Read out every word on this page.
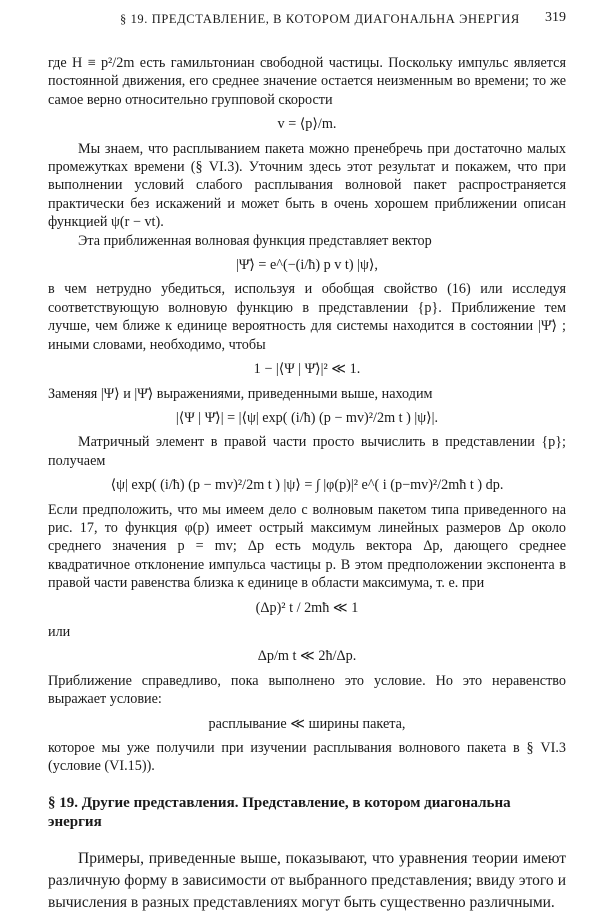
§ 19. ПРЕДСТАВЛЕНИЕ, В КОТОРОМ ДИАГОНАЛЬНА ЭНЕРГИЯ 319

где H ≡ p²/2m есть гамильтониан свободной частицы. Поскольку импульс является постоянной движения, его среднее значение остается неизменным во времени; то же самое верно относительно групповой скорости

v = ⟨p⟩/m.

Мы знаем, что расплыванием пакета можно пренебречь при достаточно малых промежутках времени (§ VI.3). Уточним здесь этот результат и покажем, что при выполнении условий слабого расплывания волновой пакет распространяется практически без искажений и может быть в очень хорошем приближении описан функцией ψ(r − vt).

Эта приближенная волновая функция представляет вектор

|Ψ̄⟩ = e^(−(i/ħ) p v t) |ψ⟩,

в чем нетрудно убедиться, используя и обобщая свойство (16) или исследуя соответствующую волновую функцию в представлении {p}. Приближение тем лучше, чем ближе к единице вероятность для системы находится в состоянии |Ψ̄⟩ ; иными словами, необходимо, чтобы

1 − |⟨Ψ | Ψ̄⟩|² ≪ 1.

Заменяя |Ψ⟩ и |Ψ̄⟩ выражениями, приведенными выше, находим

|⟨Ψ | Ψ̄⟩| = |⟨ψ| exp( (i/ħ) (p − mv)²/2m t ) |ψ⟩|.

Матричный элемент в правой части просто вычислить в представлении {p}; получаем

⟨ψ| exp( (i/ħ) (p − mv)²/2m t ) |ψ⟩ = ∫ |φ(p)|² e^( i (p−mv)²/2mħ t ) dp.

Если предположить, что мы имеем дело с волновым пакетом типа приведенного на рис. 17, то функция φ(p) имеет острый максимум линейных размеров Δp около среднего значения p = mv; Δp есть модуль вектора Δp, дающего среднее квадратичное отклонение импульса частицы p. В этом предположении экспонента в правой части равенства близка к единице в области максимума, т. е. при

(Δp)² t / 2mħ ≪ 1
или
Δp/m t ≪ 2ħ/Δp.

Приближение справедливо, пока выполнено это условие. Но это неравенство выражает условие:

расплывание ≪ ширины пакета,

которое мы уже получили при изучении расплывания волнового пакета в § VI.3 (условие (VI.15)).

§ 19. Другие представления. Представление, в котором диагональна энергия

Примеры, приведенные выше, показывают, что уравнения теории имеют различную форму в зависимости от выбранного представления; ввиду этого и вычисления в разных представлениях могут быть существенно различными.
